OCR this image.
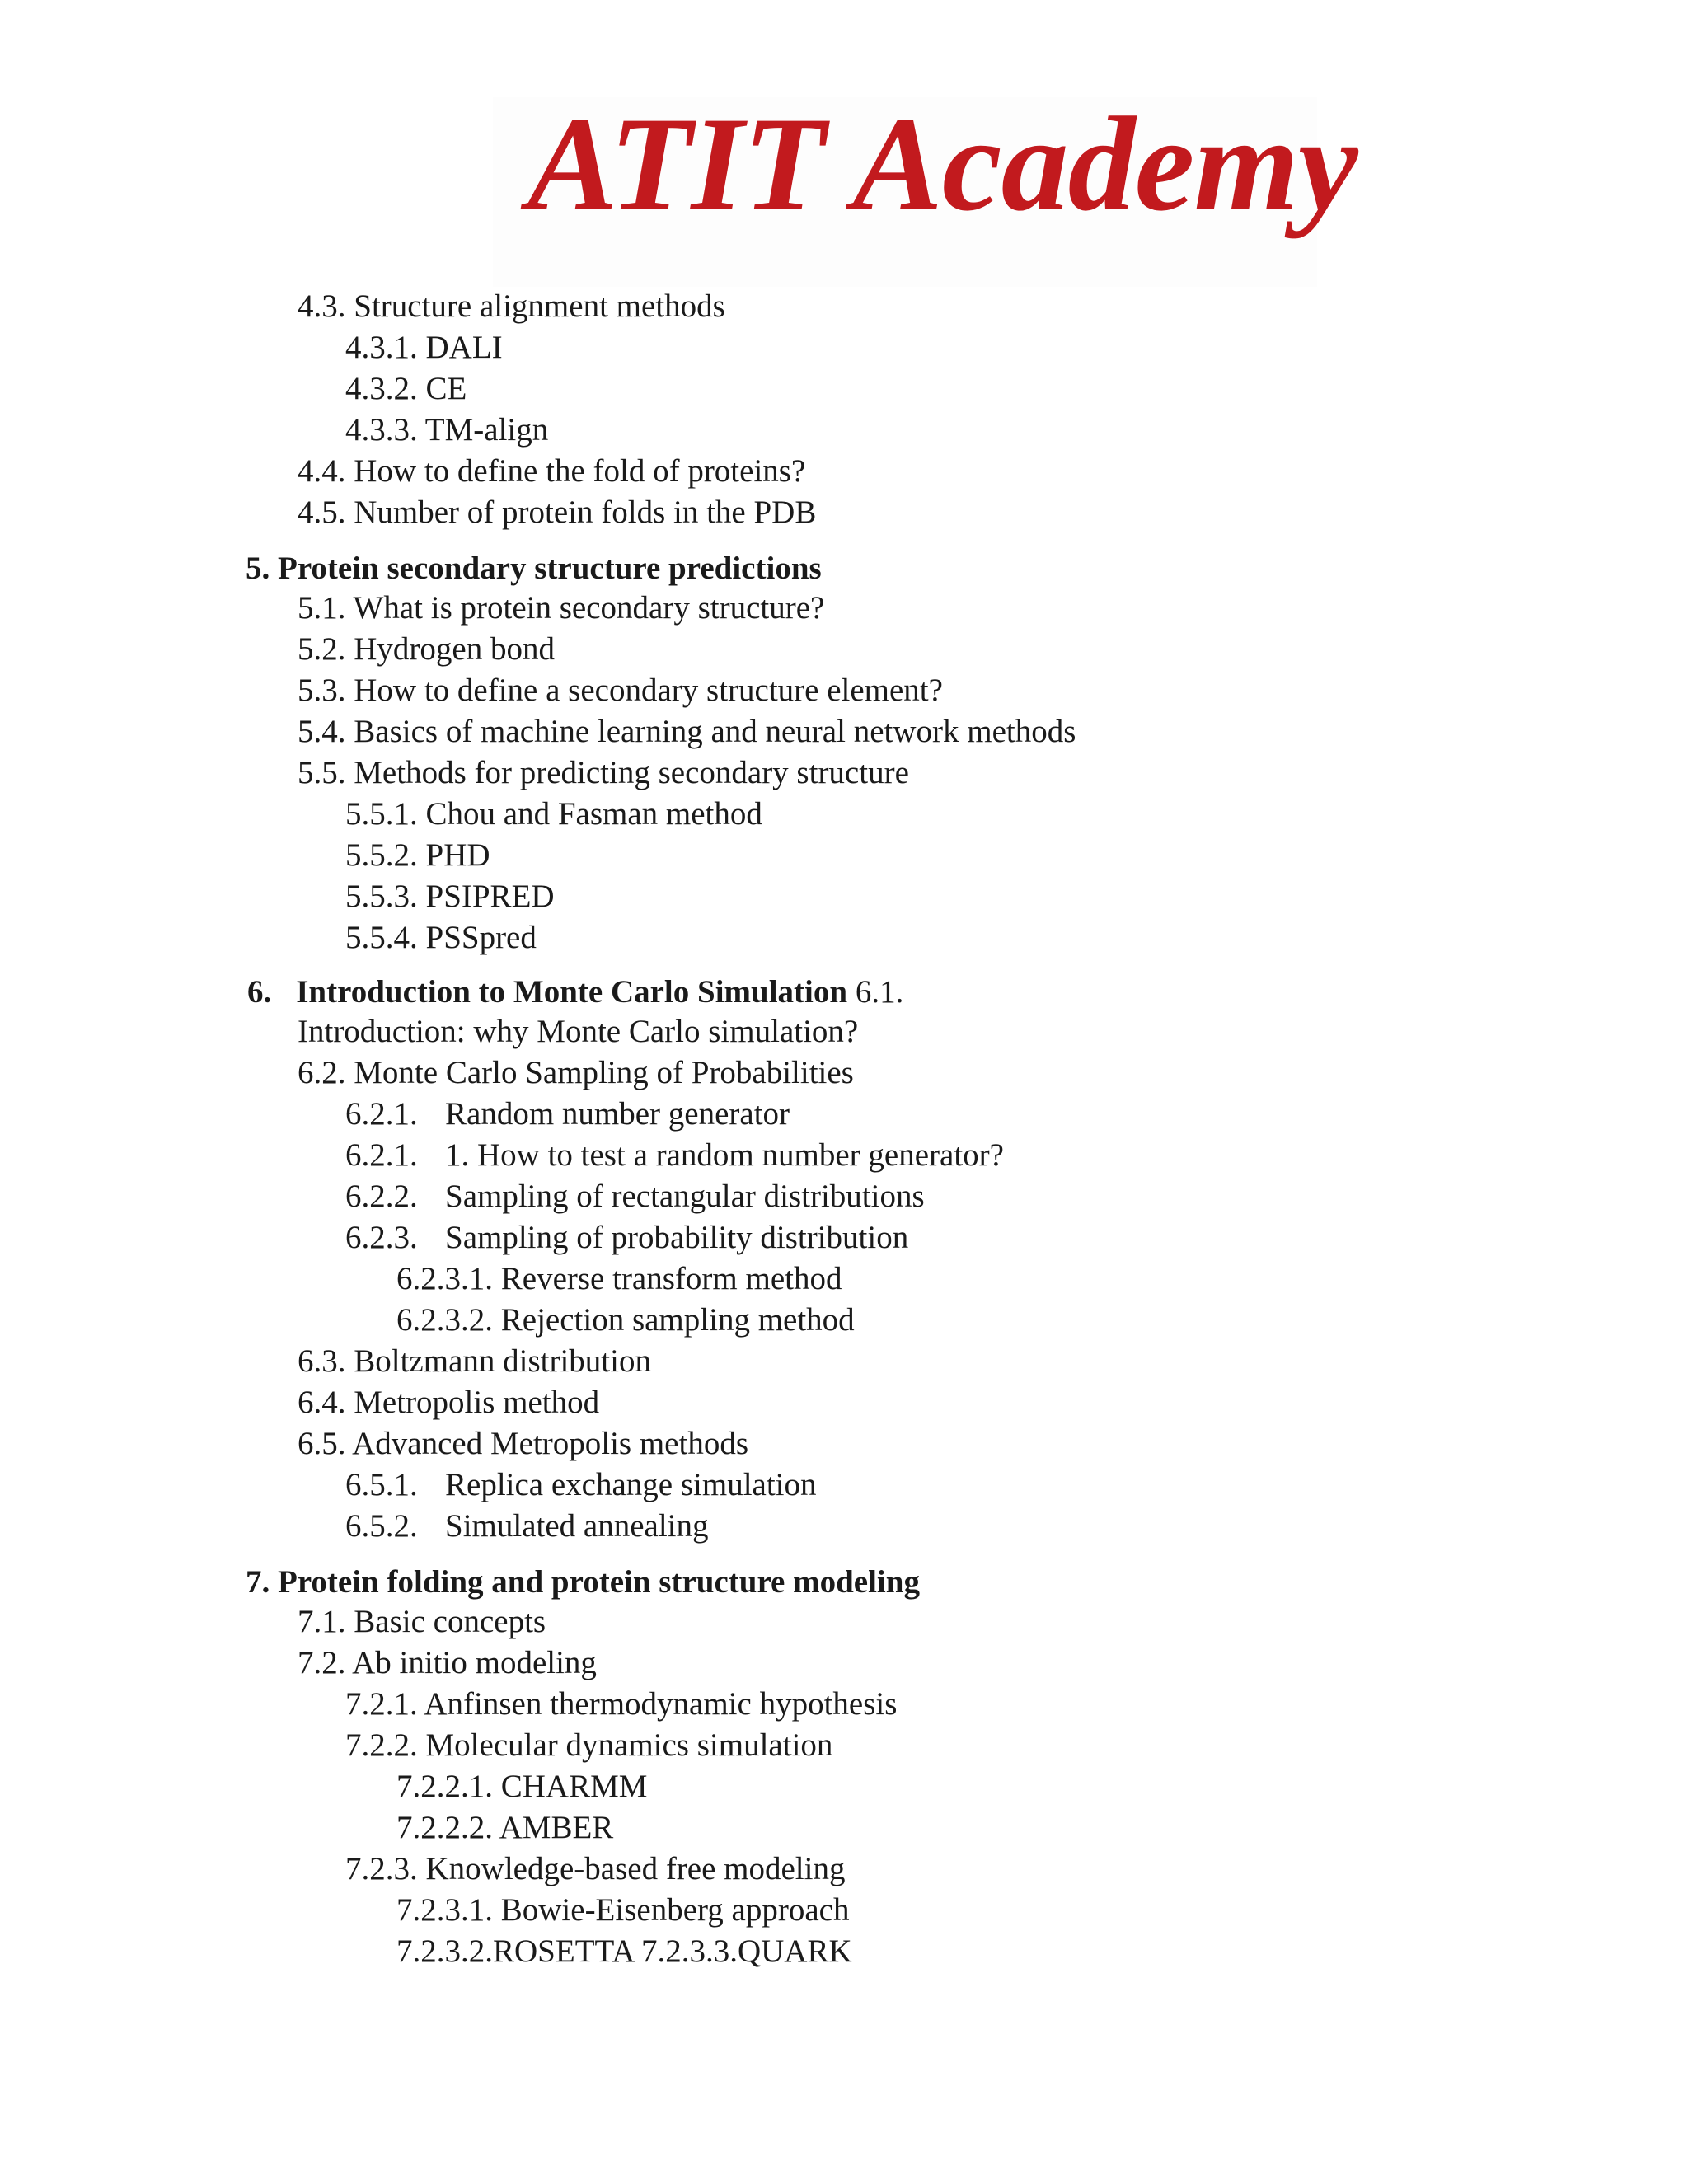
ATIT Academy
4.3. Structure alignment methods
4.3.1. DALI
4.3.2. CE
4.3.3. TM-align
4.4. How to define the fold of proteins?
4.5. Number of protein folds in the PDB
5. Protein secondary structure predictions
5.1. What is protein secondary structure?
5.2. Hydrogen bond
5.3. How to define a secondary structure element?
5.4. Basics of machine learning and neural network methods
5.5. Methods for predicting secondary structure
5.5.1. Chou and Fasman method
5.5.2. PHD
5.5.3. PSIPRED
5.5.4. PSSpred
6. Introduction to Monte Carlo Simulation 6.1.
Introduction: why Monte Carlo simulation?
6.2. Monte Carlo Sampling of Probabilities
6.2.1. Random number generator
6.2.1. 1. How to test a random number generator?
6.2.2. Sampling of rectangular distributions
6.2.3. Sampling of probability distribution
6.2.3.1. Reverse transform method
6.2.3.2. Rejection sampling method
6.3. Boltzmann distribution
6.4. Metropolis method
6.5. Advanced Metropolis methods
6.5.1. Replica exchange simulation
6.5.2. Simulated annealing
7. Protein folding and protein structure modeling
7.1. Basic concepts
7.2. Ab initio modeling
7.2.1. Anfinsen thermodynamic hypothesis
7.2.2. Molecular dynamics simulation
7.2.2.1. CHARMM
7.2.2.2. AMBER
7.2.3. Knowledge-based free modeling
7.2.3.1. Bowie-Eisenberg approach
7.2.3.2.ROSETTA 7.2.3.3.QUARK
